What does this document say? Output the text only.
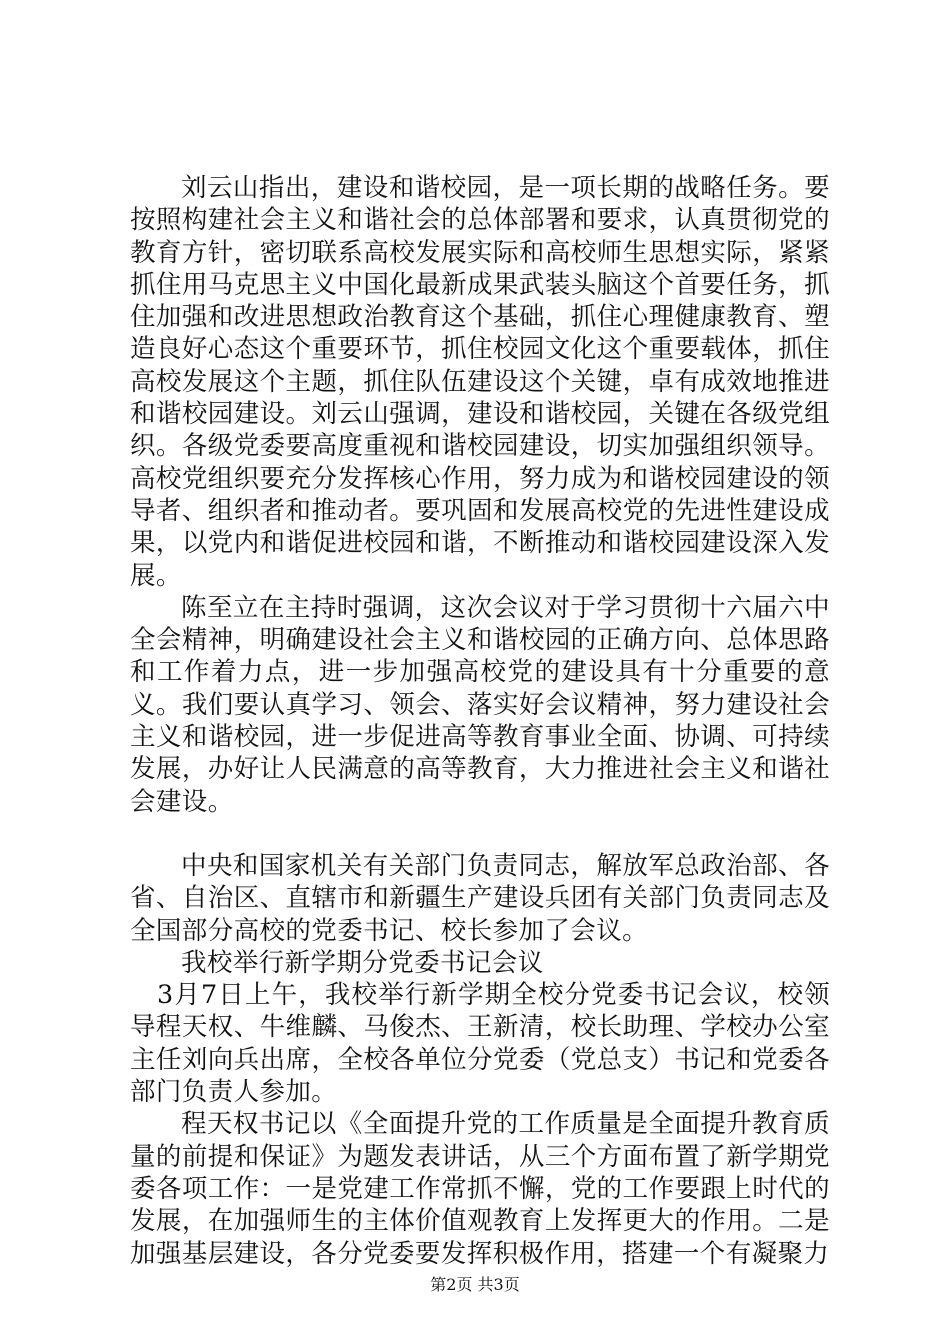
刘云山指出，建设和谐校园，是一项长期的战略任务。要按照构建社会主义和谐社会的总体部署和要求，认真贯彻党的教育方针，密切联系高校发展实际和高校师生思想实际，紧紧抓住用马克思主义中国化最新成果武装头脑这个首要任务，抓住加强和改进思想政治教育这个基础，抓住心理健康教育、塑造良好心态这个重要环节，抓住校园文化这个重要载体，抓住高校发展这个主题，抓住队伍建设这个关键，卓有成效地推进和谐校园建设。刘云山强调，建设和谐校园，关键在各级党组织。各级党委要高度重视和谐校园建设，切实加强组织领导。高校党组织要充分发挥核心作用，努力成为和谐校园建设的领导者、组织者和推动者。要巩固和发展高校党的先进性建设成果，以党内和谐促进校园和谐，不断推动和谐校园建设深入发展。

陈至立在主持时强调，这次会议对于学习贯彻十六届六中全会精神，明确建设社会主义和谐校园的正确方向、总体思路和工作着力点，进一步加强高校党的建设具有十分重要的意义。我们要认真学习、领会、落实好会议精神，努力建设社会主义和谐校园，进一步促进高等教育事业全面、协调、可持续发展，办好让人民满意的高等教育，大力推进社会主义和谐社会建设。

中央和国家机关有关部门负责同志，解放军总政治部、各省、自治区、直辖市和新疆生产建设兵团有关部门负责同志及全国部分高校的党委书记、校长参加了会议。

我校举行新学期分党委书记会议

3月7日上午，我校举行新学期全校分党委书记会议，校领导程天权、牛维麟、马俊杰、王新清，校长助理、学校办公室主任刘向兵出席，全校各单位分党委（党总支）书记和党委各部门负责人参加。

程天权书记以《全面提升党的工作质量是全面提升教育质量的前提和保证》为题发表讲话，从三个方面布置了新学期党委各项工作：一是党建工作常抓不懈，党的工作要跟上时代的发展，在加强师生的主体价值观教育上发挥更大的作用。二是加强基层建设，各分党委要发挥积极作用，搭建一个有凝聚力

第2页 共3页
